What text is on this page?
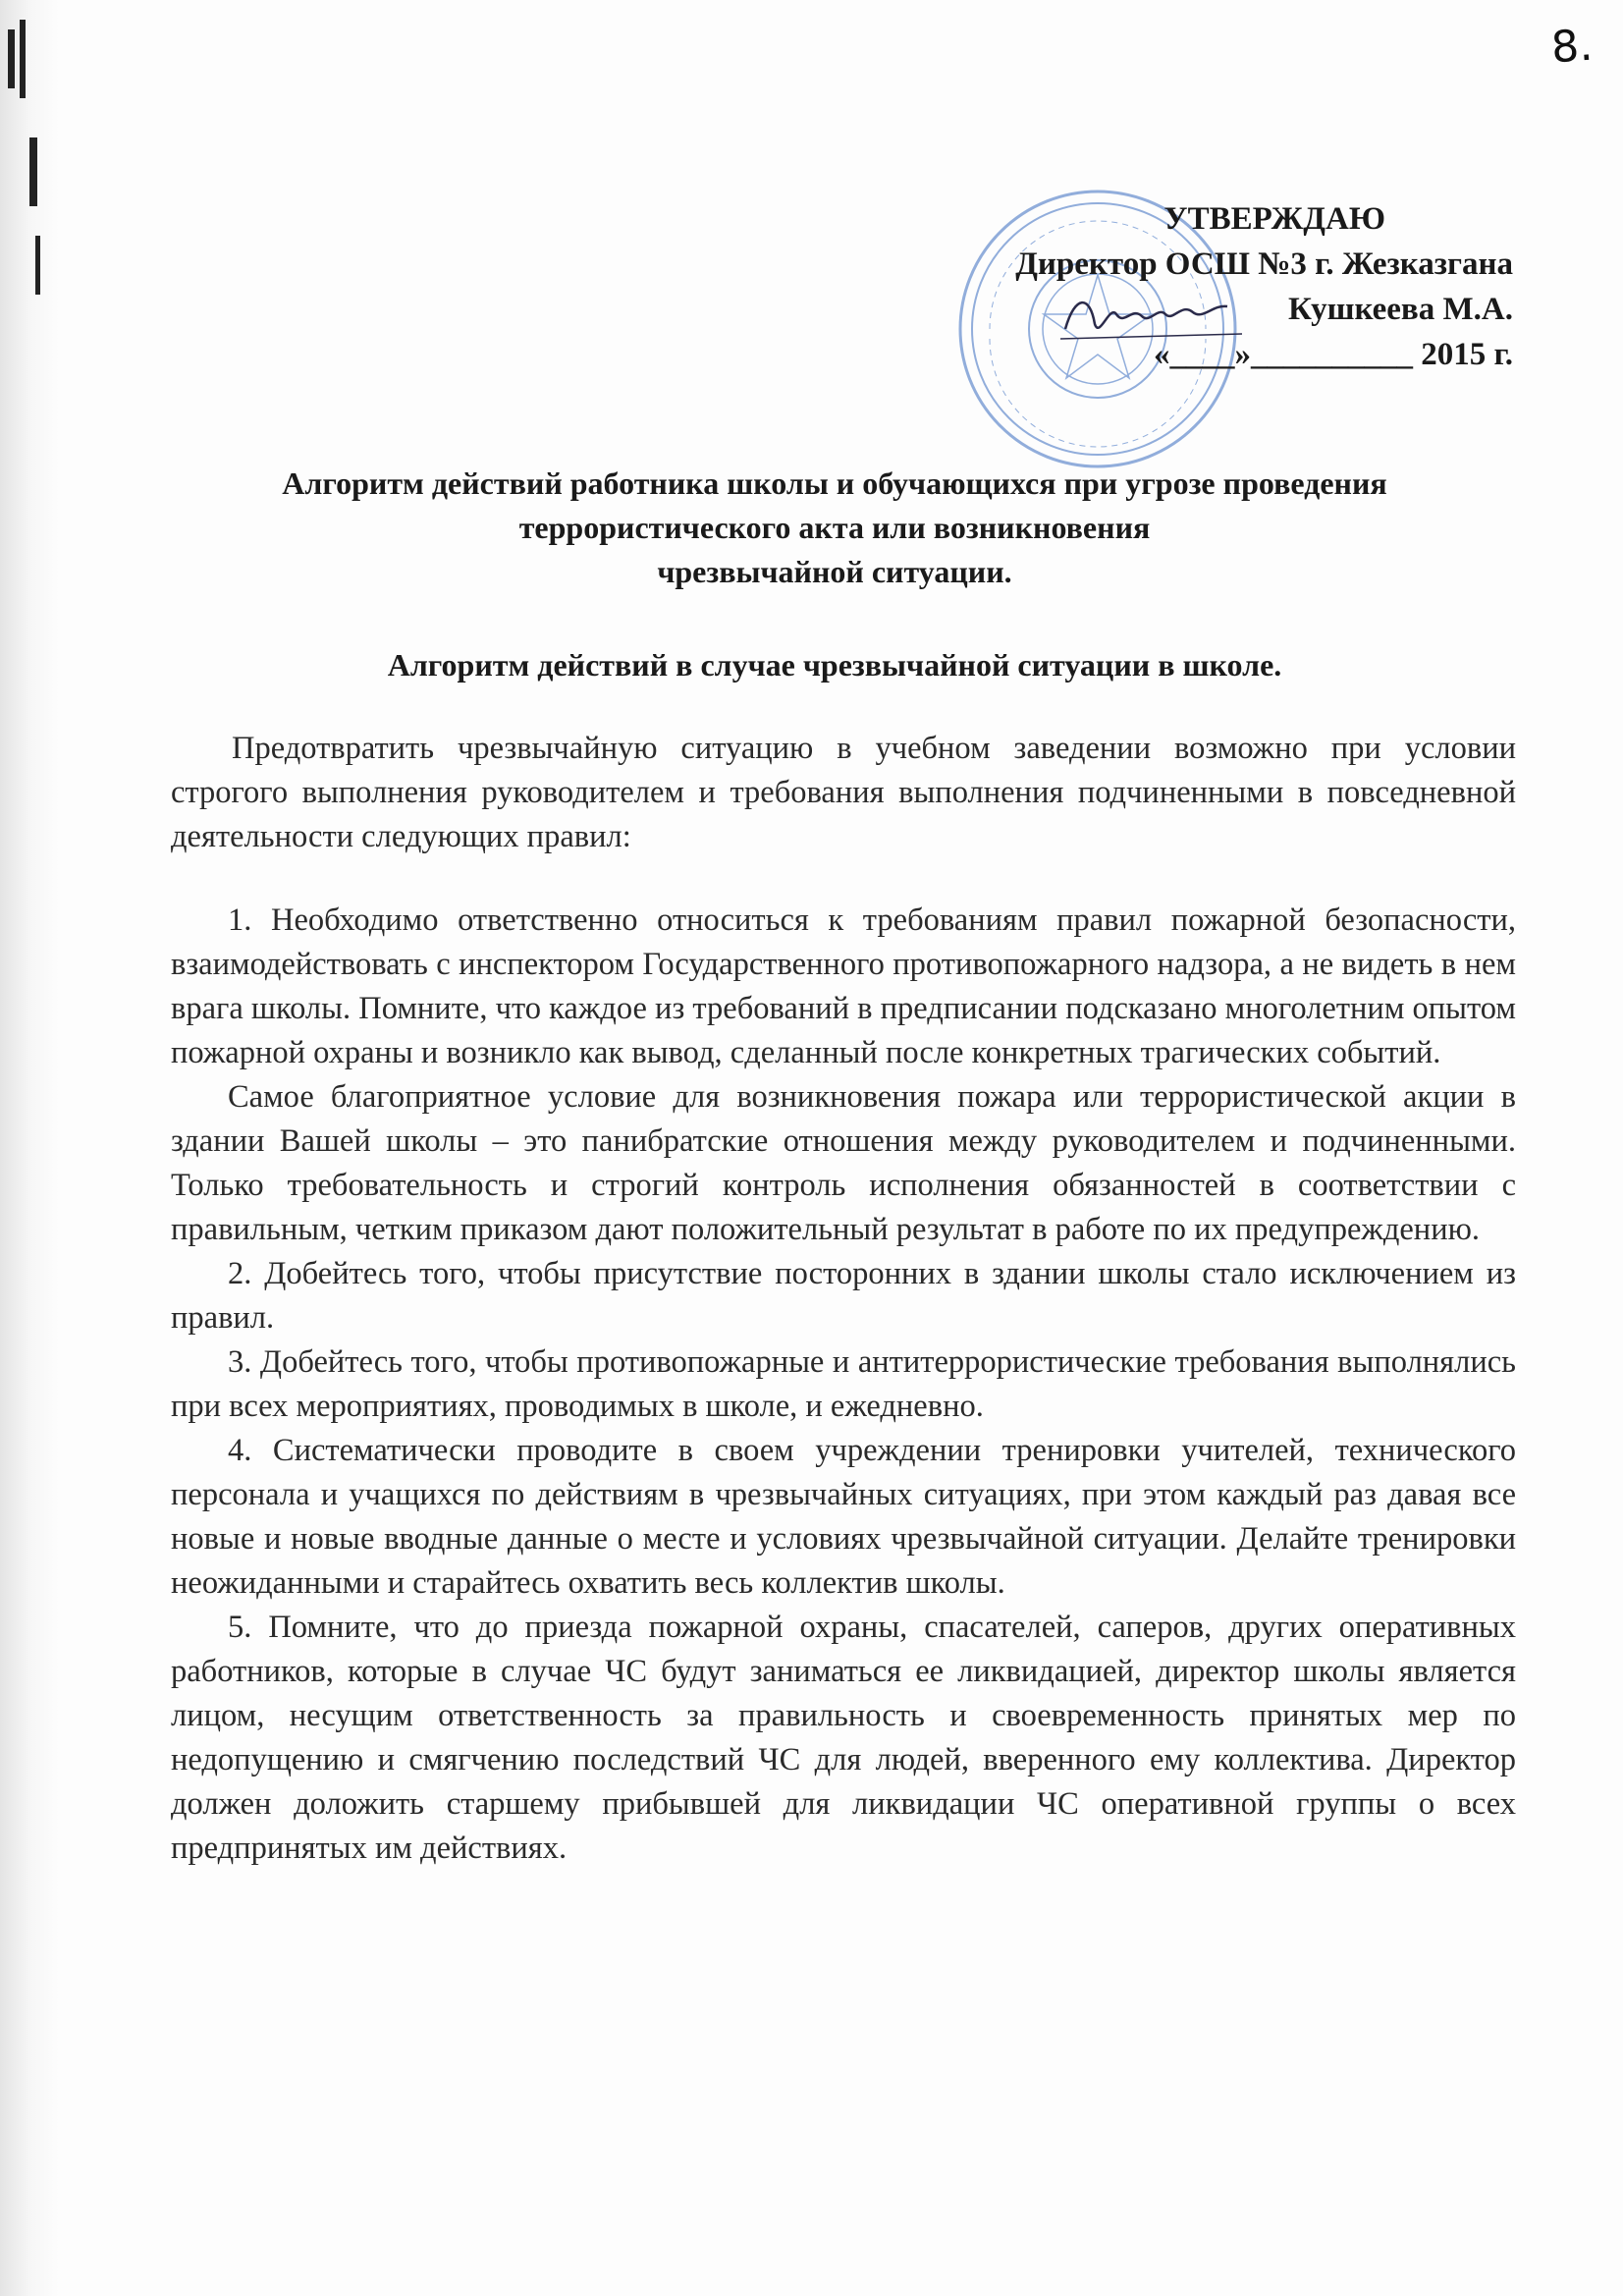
8.
УТВЕРЖДАЮ
Директор ОСШ №3 г. Жезказгана
Кушкеева М.А.
«____»__________ 2015 г.
Алгоритм действий работника школы и обучающихся при угрозе проведения
террористического акта или возникновения
чрезвычайной ситуации.
Алгоритм действий в случае чрезвычайной ситуации в школе.

Предотвратить чрезвычайную ситуацию в учебном заведении возможно при условии строгого выполнения руководителем и требования выполнения подчиненными в повседневной деятельности следующих правил:

1. Необходимо ответственно относиться к требованиям правил пожарной безопасности, взаимодействовать с инспектором Государственного противопожарного надзора, а не видеть в нем врага школы. Помните, что каждое из требований в предписании подсказано многолетним опытом пожарной охраны и возникло как вывод, сделанный после конкретных трагических событий.

Самое благоприятное условие для возникновения пожара или террористической акции в здании Вашей школы – это панибратские отношения между руководителем и подчиненными. Только требовательность и строгий контроль исполнения обязанностей в соответствии с правильным, четким приказом дают положительный результат в работе по их предупреждению.

2. Добейтесь того, чтобы присутствие посторонних в здании школы стало исключением из правил.

3. Добейтесь того, чтобы противопожарные и антитеррористические требования выполнялись при всех мероприятиях, проводимых в школе, и ежедневно.

4. Систематически проводите в своем учреждении тренировки учителей, технического персонала и учащихся по действиям в чрезвычайных ситуациях, при этом каждый раз давая все новые и новые вводные данные о месте и условиях чрезвычайной ситуации. Делайте тренировки неожиданными и старайтесь охватить весь коллектив школы.

5. Помните, что до приезда пожарной охраны, спасателей, саперов, других оперативных работников, которые в случае ЧС будут заниматься ее ликвидацией, директор школы является лицом, несущим ответственность за правильность и своевременность принятых мер по недопущению и смягчению последствий ЧС для людей, вверенного ему коллектива. Директор должен доложить старшему прибывшей для ликвидации ЧС оперативной группы о всех предпринятых им действиях.
